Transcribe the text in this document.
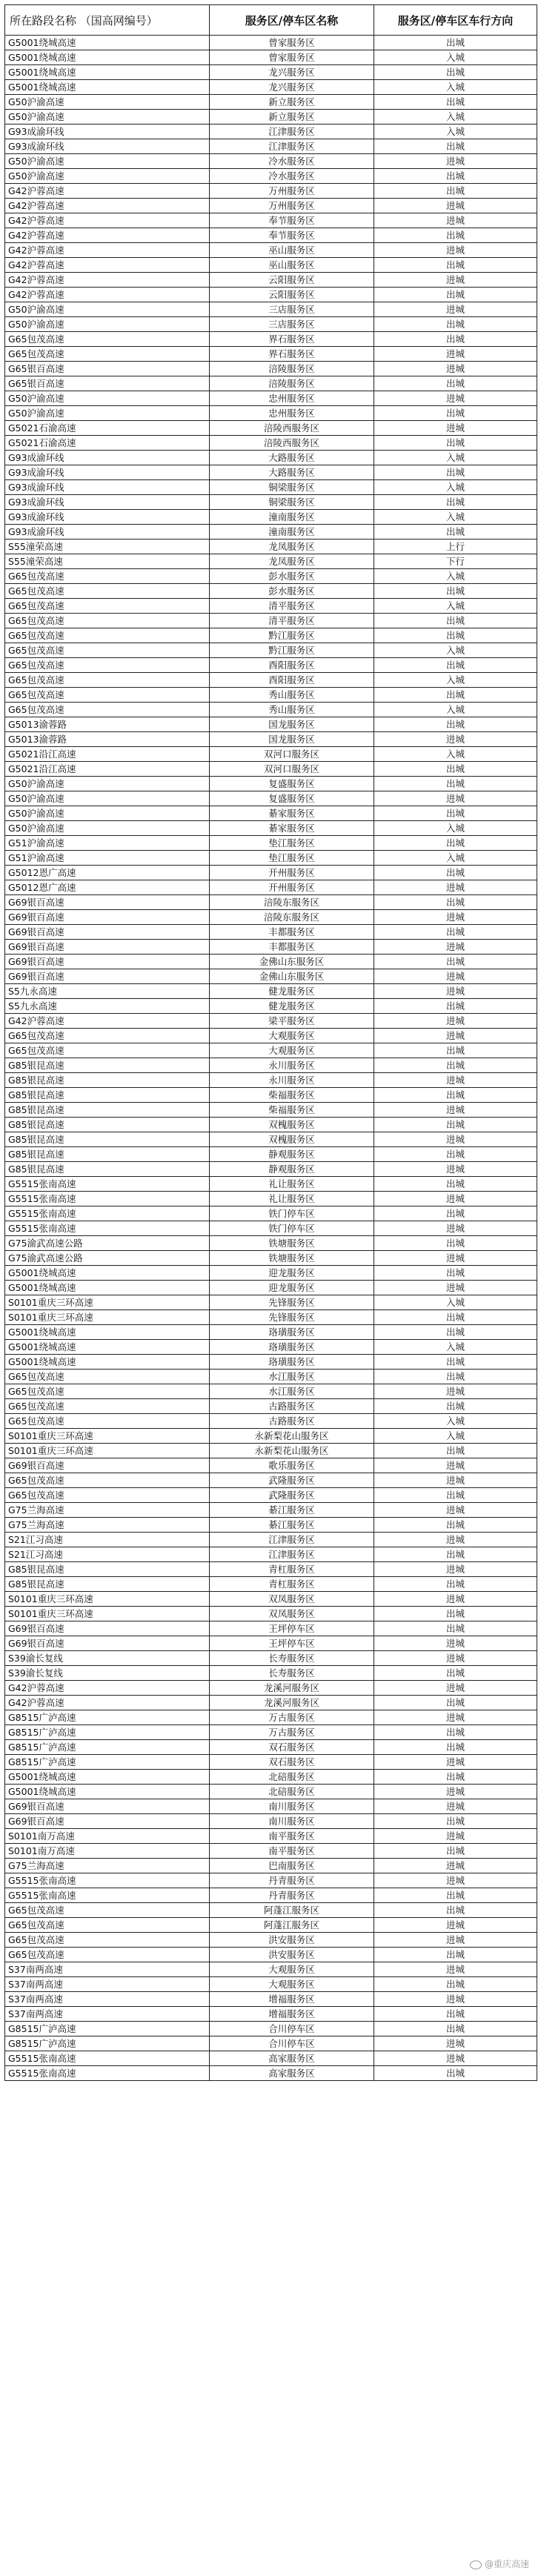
所在路段名称 （国高网编号）	服务区/停车区名称	服务区/停车区车行方向
G5001绕城高速	曾家服务区	出城
G5001绕城高速	曾家服务区	入城
G5001绕城高速	龙兴服务区	出城
G5001绕城高速	龙兴服务区	入城
G50沪渝高速	新立服务区	出城
G50沪渝高速	新立服务区	入城
G93成渝环线	江津服务区	入城
G93成渝环线	江津服务区	出城
G50沪渝高速	冷水服务区	进城
G50沪渝高速	冷水服务区	出城
G42沪蓉高速	万州服务区	出城
G42沪蓉高速	万州服务区	进城
G42沪蓉高速	奉节服务区	进城
G42沪蓉高速	奉节服务区	出城
G42沪蓉高速	巫山服务区	进城
G42沪蓉高速	巫山服务区	出城
G42沪蓉高速	云阳服务区	进城
G42沪蓉高速	云阳服务区	出城
G50沪渝高速	三店服务区	进城
G50沪渝高速	三店服务区	出城
G65包茂高速	界石服务区	出城
G65包茂高速	界石服务区	进城
G65银百高速	涪陵服务区	进城
G65银百高速	涪陵服务区	出城
G50沪渝高速	忠州服务区	进城
G50沪渝高速	忠州服务区	出城
G5021石渝高速	涪陵西服务区	进城
G5021石渝高速	涪陵西服务区	出城
G93成渝环线	大路服务区	入城
G93成渝环线	大路服务区	出城
G93成渝环线	铜梁服务区	入城
G93成渝环线	铜梁服务区	出城
G93成渝环线	潼南服务区	入城
G93成渝环线	潼南服务区	出城
S55潼荣高速	龙凤服务区	上行
S55潼荣高速	龙凤服务区	下行
G65包茂高速	彭水服务区	入城
G65包茂高速	彭水服务区	出城
G65包茂高速	清平服务区	入城
G65包茂高速	清平服务区	出城
G65包茂高速	黔江服务区	出城
G65包茂高速	黔江服务区	入城
G65包茂高速	酉阳服务区	出城
G65包茂高速	酉阳服务区	入城
G65包茂高速	秀山服务区	出城
G65包茂高速	秀山服务区	入城
G5013渝蓉路	国龙服务区	出城
G5013渝蓉路	国龙服务区	进城
G5021沿江高速	双河口服务区	入城
G5021沿江高速	双河口服务区	出城
G50沪渝高速	复盛服务区	出城
G50沪渝高速	复盛服务区	进城
G50沪渝高速	綦家服务区	出城
G50沪渝高速	綦家服务区	入城
G51沪渝高速	垫江服务区	出城
G51沪渝高速	垫江服务区	入城
G5012恩广高速	开州服务区	出城
G5012恩广高速	开州服务区	进城
G69银百高速	涪陵东服务区	出城
G69银百高速	涪陵东服务区	进城
G69银百高速	丰都服务区	出城
G69银百高速	丰都服务区	进城
G69银百高速	金佛山东服务区	出城
G69银百高速	金佛山东服务区	进城
S5九永高速	健龙服务区	进城
S5九永高速	健龙服务区	出城
G42沪蓉高速	梁平服务区	进城
G65包茂高速	大观服务区	进城
G65包茂高速	大观服务区	出城
G85银昆高速	永川服务区	出城
G85银昆高速	永川服务区	进城
G85银昆高速	柴福服务区	出城
G85银昆高速	柴福服务区	进城
G85银昆高速	双槐服务区	出城
G85银昆高速	双槐服务区	进城
G85银昆高速	静观服务区	出城
G85银昆高速	静观服务区	进城
G5515张南高速	礼让服务区	出城
G5515张南高速	礼让服务区	进城
G5515张南高速	铁门停车区	出城
G5515张南高速	铁门停车区	进城
G75渝武高速公路	铁塘服务区	出城
G75渝武高速公路	铁塘服务区	进城
G5001绕城高速	迎龙服务区	出城
G5001绕城高速	迎龙服务区	进城
S0101重庆三环高速	先锋服务区	入城
S0101重庆三环高速	先锋服务区	出城
G5001绕城高速	珞璜服务区	出城
G5001绕城高速	珞璜服务区	入城
G5001绕城高速	珞璜服务区	出城
G65包茂高速	水江服务区	出城
G65包茂高速	水江服务区	进城
G65包茂高速	古路服务区	出城
G65包茂高速	古路服务区	入城
S0101重庆三环高速	永新梨花山服务区	入城
S0101重庆三环高速	永新梨花山服务区	出城
G69银百高速	歌乐服务区	进城
G65包茂高速	武隆服务区	进城
G65包茂高速	武隆服务区	出城
G75兰海高速	綦江服务区	进城
G75兰海高速	綦江服务区	出城
S21江习高速	江津服务区	进城
S21江习高速	江津服务区	出城
G85银昆高速	青杠服务区	进城
G85银昆高速	青杠服务区	出城
S0101重庆三环高速	双凤服务区	进城
S0101重庆三环高速	双凤服务区	出城
G69银百高速	王坪停车区	出城
G69银百高速	王坪停车区	进城
S39渝长复线	长寿服务区	进城
S39渝长复线	长寿服务区	出城
G42沪蓉高速	龙溪河服务区	进城
G42沪蓉高速	龙溪河服务区	出城
G8515广泸高速	万古服务区	进城
G8515广泸高速	万古服务区	出城
G8515广泸高速	双石服务区	出城
G8515广泸高速	双石服务区	进城
G5001绕城高速	北碚服务区	出城
G5001绕城高速	北碚服务区	进城
G69银百高速	南川服务区	进城
G69银百高速	南川服务区	出城
S0101南万高速	南平服务区	进城
S0101南万高速	南平服务区	出城
G75兰海高速	巴南服务区	进城
G5515张南高速	丹青服务区	进城
G5515张南高速	丹青服务区	出城
G65包茂高速	阿蓬江服务区	出城
G65包茂高速	阿蓬江服务区	进城
G65包茂高速	洪安服务区	进城
G65包茂高速	洪安服务区	出城
S37南两高速	大观服务区	进城
S37南两高速	大观服务区	出城
S37南两高速	增福服务区	进城
S37南两高速	增福服务区	出城
G8515广泸高速	合川停车区	出城
G8515广泸高速	合川停车区	进城
G5515张南高速	高家服务区	进城
G5515张南高速	高家服务区	出城
@重庆高速
